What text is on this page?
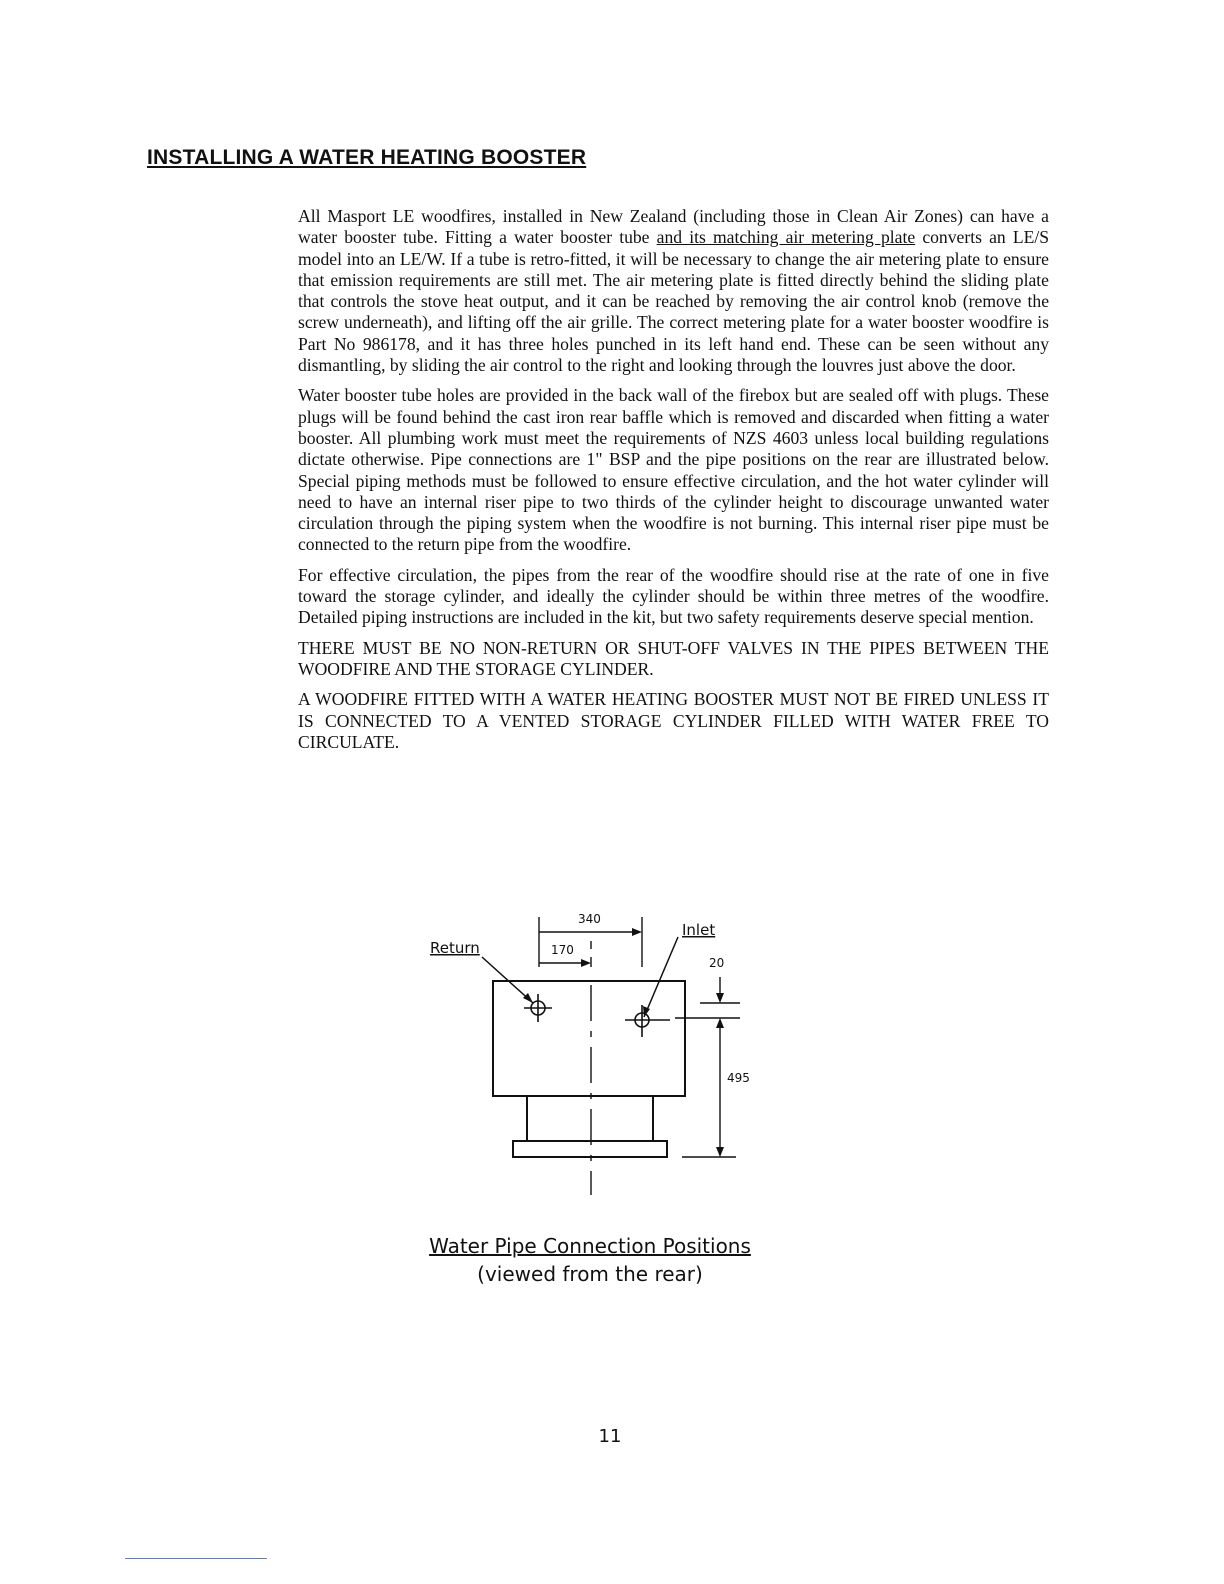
INSTALLING A WATER HEATING BOOSTER

All Masport LE woodfires, installed in New Zealand (including those in Clean Air Zones) can have a water booster tube. Fitting a water booster tube and its matching air metering plate converts an LE/S model into an LE/W. If a tube is retro-fitted, it will be necessary to change the air metering plate to ensure that emission requirements are still met. The air metering plate is fitted directly behind the sliding plate that controls the stove heat output, and it can be reached by removing the air control knob (remove the screw underneath), and lifting off the air grille. The correct metering plate for a water booster woodfire is Part No 986178, and it has three holes punched in its left hand end. These can be seen without any dismantling, by sliding the air control to the right and looking through the louvres just above the door.

Water booster tube holes are provided in the back wall of the firebox but are sealed off with plugs. These plugs will be found behind the cast iron rear baffle which is removed and discarded when fitting a water booster. All plumbing work must meet the requirements of NZS 4603 unless local building regulations dictate otherwise. Pipe connections are 1" BSP and the pipe positions on the rear are illustrated below. Special piping methods must be followed to ensure effective circulation, and the hot water cylinder will need to have an internal riser pipe to two thirds of the cylinder height to discourage unwanted water circulation through the piping system when the woodfire is not burning. This internal riser pipe must be connected to the return pipe from the woodfire.

For effective circulation, the pipes from the rear of the woodfire should rise at the rate of one in five toward the storage cylinder, and ideally the cylinder should be within three metres of the woodfire. Detailed piping instructions are included in the kit, but two safety requirements deserve special mention.

THERE MUST BE NO NON-RETURN OR SHUT-OFF VALVES IN THE PIPES BETWEEN THE WOODFIRE AND THE STORAGE CYLINDER.

A WOODFIRE FITTED WITH A WATER HEATING BOOSTER MUST NOT BE FIRED UNLESS IT IS CONNECTED TO A VENTED STORAGE CYLINDER FILLED WITH WATER FREE TO CIRCULATE.

Return
Inlet
340
170
20
495
Water Pipe Connection Positions
(viewed from the rear)
11
